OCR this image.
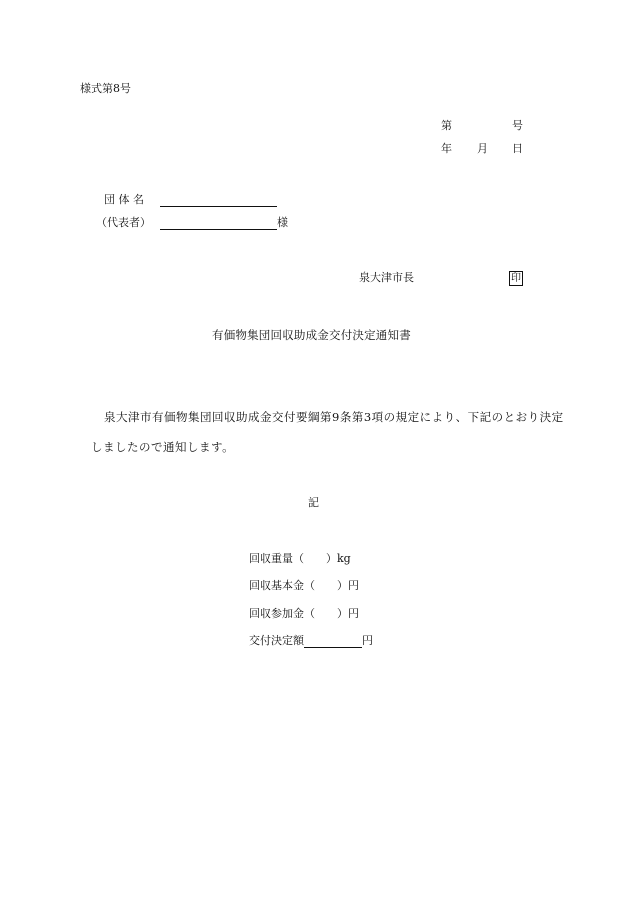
様式第8号
第	号
年 月 日
団 体 名
（代表者）	様
泉大津市長	印
有価物集団回収助成金交付決定通知書
泉大津市有価物集団回収助成金交付要綱第9条第3項の規定により、下記のとおり決定
しましたので通知します。
記
回収重量（　　）kg
回収基本金（　　）円
回収参加金（　　）円
交付決定額	円
